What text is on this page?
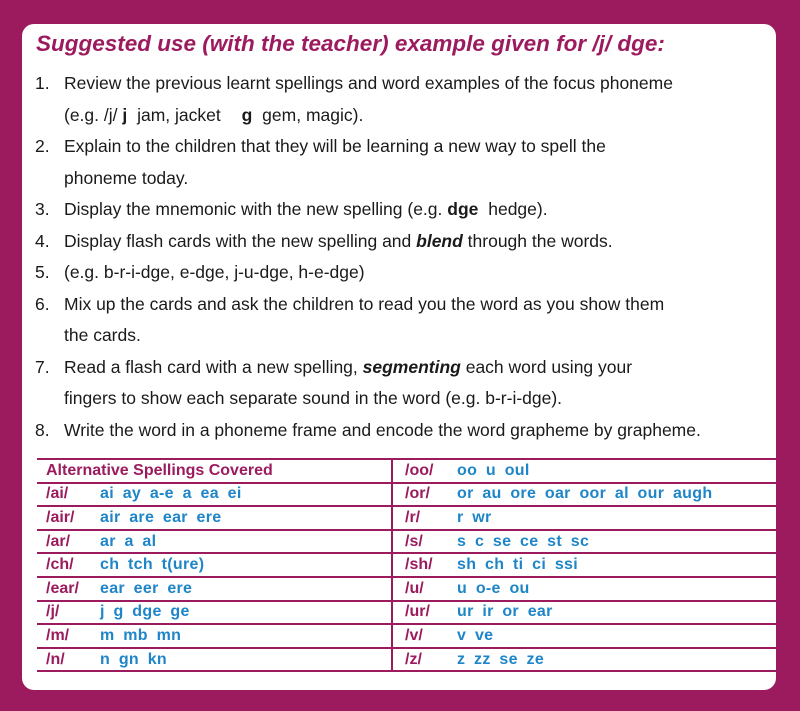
Suggested use (with the teacher) example given for /j/ dge:
1. Review the previous learnt spellings and word examples of the focus phoneme
(e.g. /j/ j jam, jacket g gem, magic).
2. Explain to the children that they will be learning a new way to spell the
phoneme today.
3. Display the mnemonic with the new spelling (e.g. dge hedge).
4. Display flash cards with the new spelling and blend through the words.
5. (e.g. b-r-i-dge, e-dge, j-u-dge, h-e-dge)
6. Mix up the cards and ask the children to read you the word as you show them
the cards.
7. Read a flash card with a new spelling, segmenting each word using your
fingers to show each separate sound in the word (e.g. b-r-i-dge).
8. Write the word in a phoneme frame and encode the word grapheme by grapheme.
Alternative Spellings Covered	/oo/ oo u oul
/ai/ ai ay a-e a ea ei	/or/ or au ore oar oor al our augh
/air/ air are ear ere	/r/ r wr
/ar/ ar a al	/s/ s c se ce st sc
/ch/ ch tch t(ure)	/sh/ sh ch ti ci ssi
/ear/ ear eer ere	/u/ u o-e ou
/j/ j g dge ge	/ur/ ur ir or ear
/m/ m mb mn	/v/ v ve
/n/ n gn kn	/z/ z zz se ze
